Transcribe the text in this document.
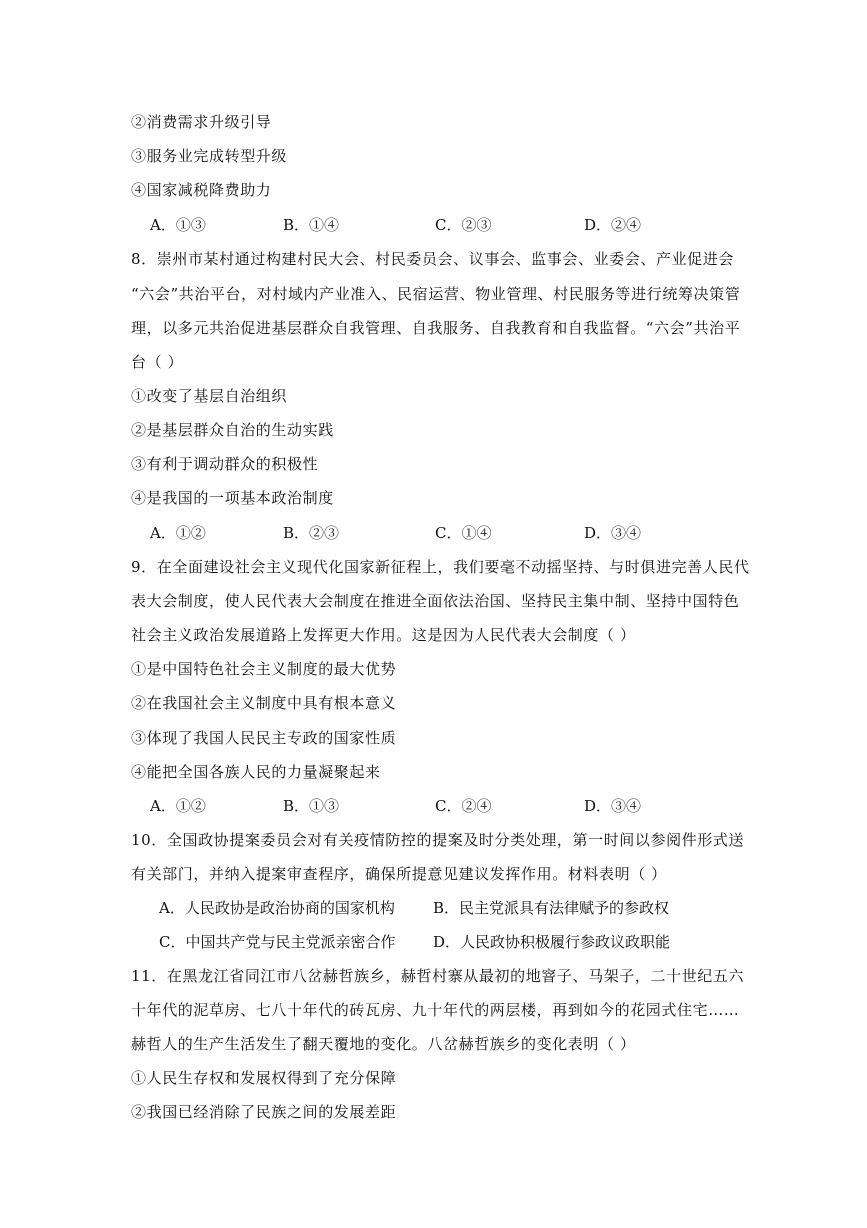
②消费需求升级引导
③服务业完成转型升级
④国家减税降费助力
A．①③	B．①④	C．②③	D．②④
8．崇州市某村通过构建村民大会、村民委员会、议事会、监事会、业委会、产业促进会
“六会”共治平台，对村域内产业准入、民宿运营、物业管理、村民服务等进行统筹决策管
理，以多元共治促进基层群众自我管理、自我服务、自我教育和自我监督。“六会”共治平
台（ ）
①改变了基层自治组织
②是基层群众自治的生动实践
③有利于调动群众的积极性
④是我国的一项基本政治制度
A．①②	B．②③	C．①④	D．③④
9．在全面建设社会主义现代化国家新征程上，我们要毫不动摇坚持、与时俱进完善人民代
表大会制度，使人民代表大会制度在推进全面依法治国、坚持民主集中制、坚持中国特色
社会主义政治发展道路上发挥更大作用。这是因为人民代表大会制度（ ）
①是中国特色社会主义制度的最大优势
②在我国社会主义制度中具有根本意义
③体现了我国人民民主专政的国家性质
④能把全国各族人民的力量凝聚起来
A．①②	B．①③	C．②④	D．③④
10．全国政协提案委员会对有关疫情防控的提案及时分类处理，第一时间以参阅件形式送
有关部门，并纳入提案审查程序，确保所提意见建议发挥作用。材料表明（ ）
A．人民政协是政治协商的国家机构	B．民主党派具有法律赋予的参政权
C．中国共产党与民主党派亲密合作	D．人民政协积极履行参政议政职能
11．在黑龙江省同江市八岔赫哲族乡，赫哲村寨从最初的地窨子、马架子，二十世纪五六
十年代的泥草房、七八十年代的砖瓦房、九十年代的两层楼，再到如今的花园式住宅……
赫哲人的生产生活发生了翻天覆地的变化。八岔赫哲族乡的变化表明（ ）
①人民生存权和发展权得到了充分保障
②我国已经消除了民族之间的发展差距
